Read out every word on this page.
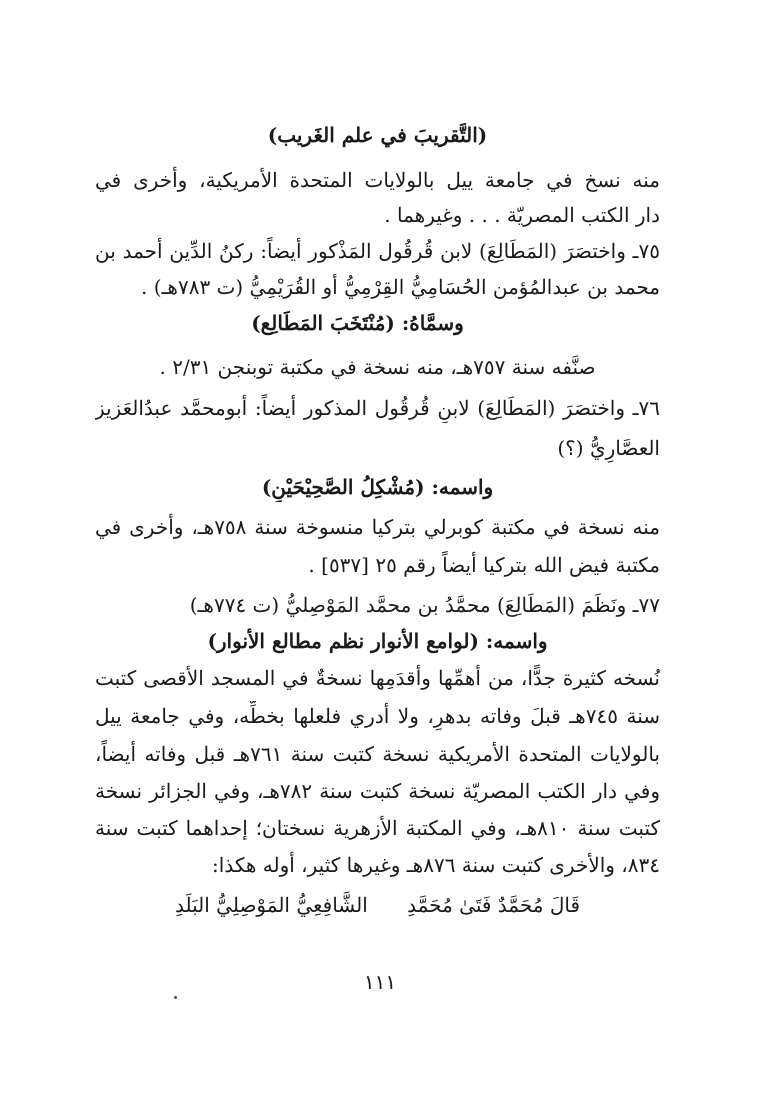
(التَّقريبَ في علم الغَريب)
منه نسخ في جامعة ييل بالولايات المتحدة الأمريكية، وأخرى في
دار الكتب المصريّة . . . وغيرهما .
٧٥ـ واختصَرَ (المَطَالِعَ) لابن قُرقُول المَذْكور أيضاً: ركنُ الدِّين أحمد بن
محمد بن عبدالمُؤمن الحُسَامِيُّ القِرْمِيُّ أو القُرَيْمِيُّ (ت ٧٨٣هـ) .
وسمَّاهُ: (مُنْتَخَبَ المَطَالِع)
صنَّفه سنة ٧٥٧هـ، منه نسخة في مكتبة توبنجن ٢/٣١ .
٧٦ـ واختصَرَ (المَطَالِعَ) لابنِ قُرقُول المذكور أيضاً: أبومحمَّد عبدُالعَزيز
العصَّارِيُّ (؟)
واسمه: (مُشْكِلُ الصَّحِيْحَيْنِ)
منه نسخة في مكتبة كوبرلي بتركيا منسوخة سنة ٧٥٨هـ، وأخرى في
مكتبة فيض الله بتركيا أيضاً رقم ٢٥ [٥٣٧] .
٧٧ـ ونَظَمَ (المَطَالِعَ) محمَّدُ بن محمَّد المَوْصِليُّ (ت ٧٧٤هـ)
واسمه: (لوامع الأنوار نظم مطالع الأنوار)
نُسخه كثيرة جدًّا، من أهمِّها وأقدَمِها نسخةٌ في المسجد الأقصى كتبت
سنة ٧٤٥هـ قبلَ وفاته بدهرٍ، ولا أدري فلعلها بخطِّه، وفي جامعة ييل
بالولايات المتحدة الأمريكية نسخة كتبت سنة ٧٦١هـ قبل وفاته أيضاً،
وفي دار الكتب المصريّة نسخة كتبت سنة ٧٨٢هـ، وفي الجزائر نسخة
كتبت سنة ٨١٠هـ، وفي المكتبة الأزهرية نسختان؛ إحداهما كتبت سنة
٨٣٤، والأخرى كتبت سنة ٨٧٦هـ وغيرها كثير، أوله هكذا:
قَالَ مُحَمَّدٌ فَتَىٰ مُحَمَّدِ
الشَّافِعِيُّ المَوْصِلِيُّ البَلَدِ
١١١
